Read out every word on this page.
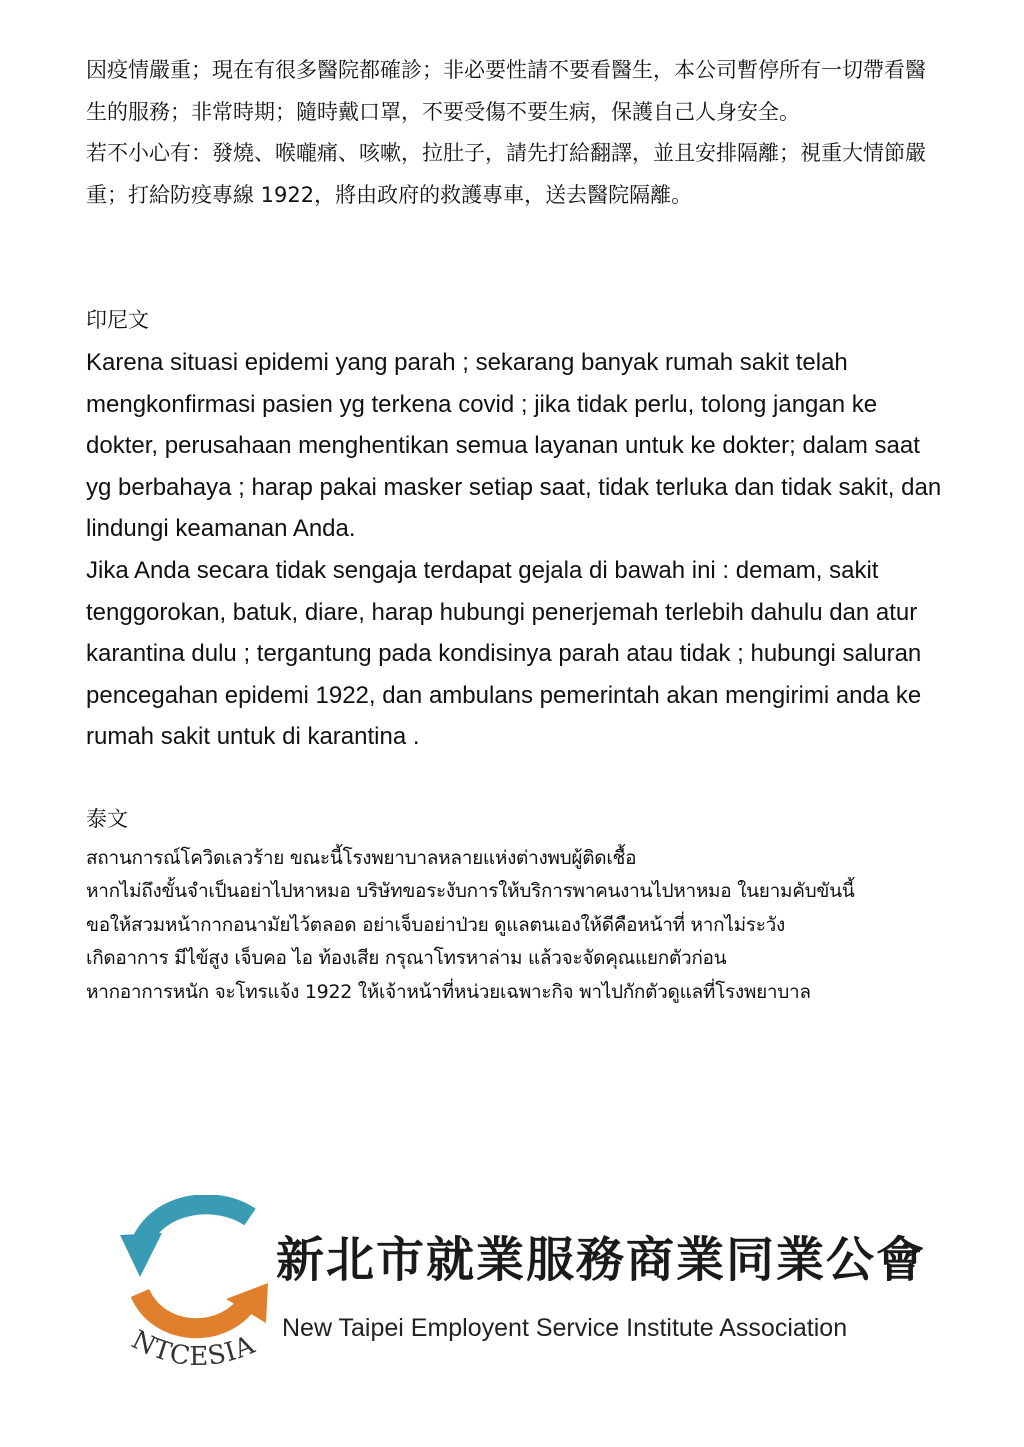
因疫情嚴重；現在有很多醫院都確診；非必要性請不要看醫生，本公司暫停所有一切帶看醫生的服務；非常時期；隨時戴口罩，不要受傷不要生病，保護自己人身安全。

若不小心有：發燒、喉嚨痛、咳嗽，拉肚子，請先打給翻譯，並且安排隔離；視重大情節嚴重；打給防疫專線 1922，將由政府的救護專車，送去醫院隔離。

印尼文

Karena situasi epidemi yang parah ; sekarang banyak rumah sakit telah mengkonfirmasi pasien yg terkena covid ; jika tidak perlu, tolong jangan ke dokter, perusahaan menghentikan semua layanan untuk ke dokter; dalam saat yg berbahaya ; harap pakai masker setiap saat, tidak terluka dan tidak sakit, dan lindungi keamanan Anda.

Jika Anda secara tidak sengaja terdapat gejala di bawah ini : demam, sakit tenggorokan, batuk, diare, harap hubungi penerjemah terlebih dahulu dan atur karantina dulu ; tergantung pada kondisinya parah atau tidak ; hubungi saluran pencegahan epidemi 1922, dan ambulans pemerintah akan mengirimi anda ke rumah sakit untuk di karantina .

泰文

สถานการณ์โควิดเลวร้าย ขณะนี้โรงพยาบาลหลายแห่งต่างพบผู้ติดเชื้อ

หากไม่ถึงขั้นจำเป็นอย่าไปหาหมอ บริษัทขอระงับการให้บริการพาคนงานไปหาหมอ ในยามคับขันนี้

ขอให้สวมหน้ากากอนามัยไว้ตลอด อย่าเจ็บอย่าป่วย ดูแลตนเองให้ดีคือหน้าที่ หากไม่ระวัง

เกิดอาการ มีไข้สูง เจ็บคอ ไอ ท้องเสีย กรุณาโทรหาล่าม แล้วจะจัดคุณแยกตัวก่อน

หากอาการหนัก จะโทรแจ้ง 1922 ให้เจ้าหน้าที่หน่วยเฉพาะกิจ พาไปกักตัวดูแลที่โรงพยาบาล

NTCESIA
新北市就業服務商業同業公會

New Taipei Employent Service Institute Association
